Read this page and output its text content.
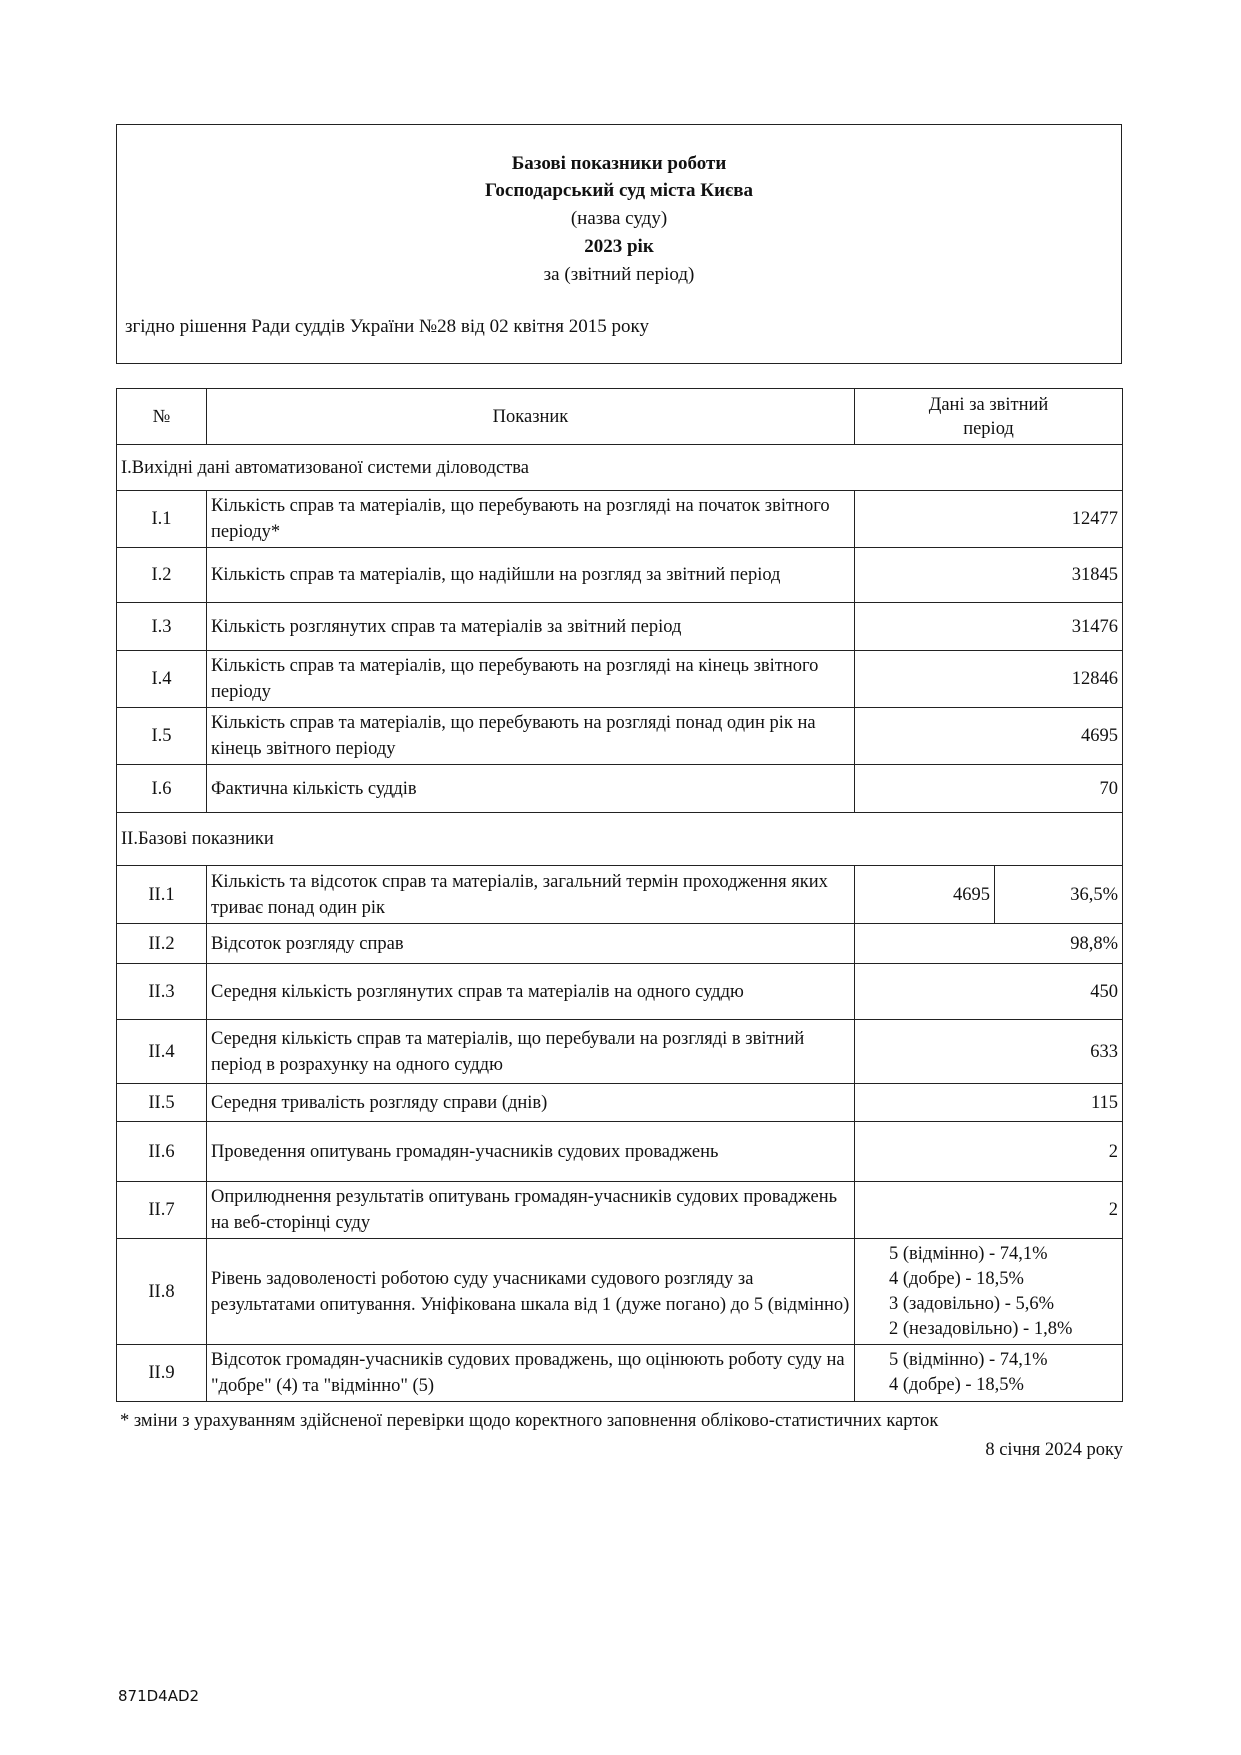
Базові показники роботи
Господарський суд міста Києва
(назва суду)
2023 рік
за (звітний період)
згідно рішення Ради суддів України №28 від 02 квітня 2015 року
№	Показник	Дані за звітний
період	
І.Вихідні дані автоматизованої системи діловодства			
І.1	Кількість справ та матеріалів, що перебувають на розгляді на початок звітного періоду*	12477	
І.2	Кількість справ та матеріалів, що надійшли на розгляд за звітний період	31845	
І.3	Кількість розглянутих справ та матеріалів за звітний період	31476	
І.4	Кількість справ та матеріалів, що перебувають на розгляді на кінець звітного періоду	12846	
І.5	Кількість справ та матеріалів, що перебувають на розгляді понад один рік на кінець звітного періоду	4695	
І.6	Фактична кількість суддів	70	
ІІ.Базові показники			
ІІ.1	Кількість та відсоток справ та матеріалів, загальний термін проходження яких триває понад один рік	4695	36,5%
ІІ.2	Відсоток розгляду справ	98,8%	
ІІ.3	Середня кількість розглянутих справ та матеріалів на одного суддю	450	
ІІ.4	Середня кількість справ та матеріалів, що перебували на розгляді в звітний період в розрахунку на одного суддю	633	
ІІ.5	Середня тривалість розгляду справи (днів)	115	
ІІ.6	Проведення опитувань громадян-учасників судових проваджень	2	
ІІ.7	Оприлюднення результатів опитувань громадян-учасників судових проваджень на веб-сторінці суду	2	
ІІ.8	Рівень задоволеності роботою суду учасниками судового розгляду за результатами опитування. Уніфікована шкала від 1 (дуже погано) до 5 (відмінно)	5 (відмінно) - 74,1%
4 (добре) - 18,5%
3 (задовільно) - 5,6%
2 (незадовільно) - 1,8%	

ІІ.9	Відсоток громадян-учасників судових проваджень, що оцінюють роботу суду на "добре" (4) та "відмінно" (5)	5 (відмінно) - 74,1%
4 (добре) - 18,5%	
* зміни з урахуванням здійсненої перевірки щодо коректного заповнення обліково-статистичних карток
8 січня 2024 року
871D4AD2
